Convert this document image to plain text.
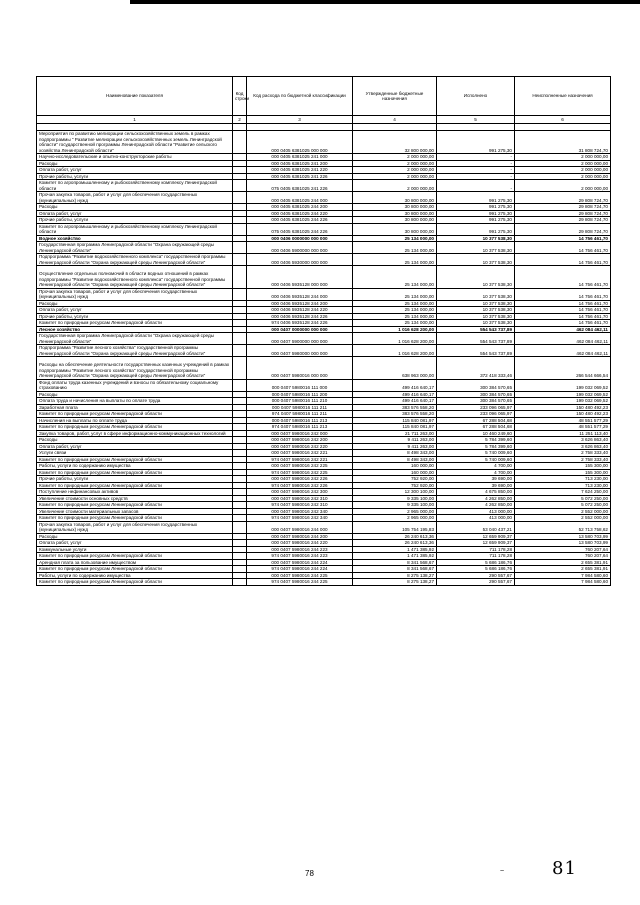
Наименование показателя	Код строки	Код расхода по бюджетной классификации	Утвержденные бюджетные назначения	Исполнено	Неисполненные назначения
1	2	3	4	5	6

Мероприятия по развитию мелиорации сельскохозяйственных земель в рамках подпрограммы " Развитие мелиорации сельскохозяйственных земель Ленинградской области" государственной программы Ленинградской области "Развитие сельского хозяйства Ленинградской области"		000 0405 6381025 000 000	32 800 000,00	991 275,30	31 808 724,70
Научно-исследовательские и опытно-конструкторские работы		000 0405 6381025 241 000	2 000 000,00	-	2 000 000,00
Расходы		000 0405 6381025 241 200	2 000 000,00	-	2 000 000,00
Оплата работ, услуг		000 0405 6381025 241 220	2 000 000,00	-	2 000 000,00
Прочие работы, услуги		000 0405 6381025 241 226	2 000 000,00	-	2 000 000,00
Комитет по агропромышленному и рыбохозяйственному комплексу Ленинградской области		075 0405 6381025 241 226	2 000 000,00	-	2 000 000,00
Прочая закупка товаров, работ и услуг для обеспечения государственных (муниципальных) нужд		000 0405 6381025 244 000	30 800 000,00	991 275,30	29 808 724,70
Расходы		000 0405 6381025 244 200	30 800 000,00	991 275,30	29 808 724,70
Оплата работ, услуг		000 0405 6381025 244 220	30 800 000,00	991 275,30	29 808 724,70
Прочие работы, услуги		000 0405 6381025 244 226	30 800 000,00	991 275,30	29 808 724,70
Комитет по агропромышленному и рыбохозяйственному комплексу Ленинградской области		075 0405 6381025 244 226	30 800 000,00	991 275,30	29 808 724,70
Водное хозяйство		000 0406 0000000 000 000	25 134 000,00	10 377 538,30	14 756 461,70
Государственная программа Ленинградской области "Охрана окружающей среды Ленинградской области"		000 0406 5900000 000 000	25 134 000,00	10 377 538,30	14 756 461,70
Подпрограмма "Развитие водохозяйственного комплекса" государственной программы Ленинградской области "Охрана окружающей среды Ленинградской области"		000 0406 5930000 000 000	25 134 000,00	10 377 538,30	14 756 461,70
Осуществление отдельных полномочий в области водных отношений в рамках подпрограммы "Развитие водохозяйственного комплекса" государственной программы Ленинградской области "Охрана окружающей среды Ленинградской области"		000 0406 5935128 000 000	25 134 000,00	10 377 538,30	14 756 461,70
Прочая закупка товаров, работ и услуг для обеспечения государственных (муниципальных) нужд		000 0406 5935128 244 000	25 134 000,00	10 377 538,30	14 756 461,70
Расходы		000 0406 5935128 244 200	25 134 000,00	10 377 538,30	14 756 461,70
Оплата работ, услуг		000 0406 5935128 244 220	25 134 000,00	10 377 538,30	14 756 461,70
Прочие работы, услуги		000 0406 5935128 244 226	25 134 000,00	10 377 538,30	14 756 461,70
Комитет по природным ресурсам Ленинградской области		974 0406 5935128 244 226	25 134 000,00	10 377 538,30	14 756 461,70
Лесное хозяйство		000 0407 0000000 000 000	1 016 628 200,00	554 543 737,89	462 084 462,11
Государственная программа Ленинградской области "Охрана окружающей среды Ленинградской области"		000 0407 5900000 000 000	1 016 628 200,00	554 543 737,89	462 084 462,11
Подпрограмма "Развитие лесного хозяйства" государственной программы Ленинградской области "Охрана окружающей среды Ленинградской области"		000 0407 5980000 000 000	1 016 628 200,00	554 543 737,89	462 084 462,11
Расходы на обеспечение деятельности государственных казенных учреждений в рамках подпрограммы "Развитие лесного хозяйства" государственной программы Ленинградской области "Охрана окружающей среды Ленинградской области"		000 0407 5980016 000 000	638 963 000,00	372 418 333,46	266 544 666,54
Фонд оплаты труда казенных учреждений и взносы по обязательному социальному страхованию		000 0407 5980016 111 000	499 416 640,17	300 384 570,65	199 032 069,52
Расходы		000 0407 5980016 111 200	499 416 640,17	300 384 570,65	199 032 069,52
Оплата труда и начисления на выплаты по оплате труда		000 0407 5980016 111 210	499 416 640,17	300 384 570,65	199 032 069,52
Заработная плата		000 0407 5980016 111 211	383 576 558,20	233 096 065,97	150 480 492,23
Комитет по природным ресурсам Ленинградской области		974 0407 5980016 111 211	383 576 558,20	233 096 065,97	150 480 492,23
Начисления на выплаты по оплате труда		000 0407 5980016 111 213	115 840 081,97	67 288 504,68	48 551 577,29
Комитет по природным ресурсам Ленинградской области		974 0407 5980016 111 213	115 840 081,97	67 288 504,68	48 551 577,29
Закупка товаров, работ, услуг в сфере информационно-коммуникационных технологий		000 0407 5980016 242 000	21 711 263,00	10 460 249,60	11 251 113,40
Расходы		000 0407 5980016 242 200	9 411 263,00	5 784 399,60	3 626 863,40
Оплата работ, услуг		000 0407 5980016 242 220	9 411 263,00	5 784 399,60	3 626 863,40
Услуги связи		000 0407 5980016 242 221	8 498 343,00	5 740 009,60	2 758 333,40
Комитет по природным ресурсам Ленинградской области		974 0407 5980016 242 221	8 498 343,00	5 740 009,60	2 758 333,40
Работы, услуги по содержанию имущества		000 0407 5980016 242 225	160 000,00	4 700,00	155 300,00
Комитет по природным ресурсам Ленинградской области		974 0407 5980016 242 225	160 000,00	4 700,00	155 300,00
Прочие работы, услуги		000 0407 5980016 242 226	752 920,00	39 690,00	713 230,00
Комитет по природным ресурсам Ленинградской области		974 0407 5980016 242 226	752 920,00	39 690,00	713 230,00
Поступление нефинансовых активов		000 0407 5980016 242 300	12 300 100,00	4 675 850,00	7 624 250,00
Увеличение стоимости основных средств		000 0407 5980016 242 310	9 335 100,00	4 262 850,00	5 072 250,00
Комитет по природным ресурсам Ленинградской области		974 0407 5980016 242 310	9 335 100,00	4 262 850,00	5 072 250,00
Увеличение стоимости материальных запасов		000 0407 5980016 242 340	2 965 000,00	413 000,00	2 552 000,00
Комитет по природным ресурсам Ленинградской области		974 0407 5980016 242 340	2 965 000,00	413 000,00	2 552 000,00
Прочая закупка товаров, работ и услуг для обеспечения государственных (муниципальных) нужд		000 0407 5980016 244 000	105 754 195,83	53 040 437,21	52 713 758,62
Расходы		000 0407 5980016 244 200	26 240 613,36	12 659 909,37	13 580 703,99
Оплата работ, услуг		000 0407 5980016 244 220	26 240 613,36	12 659 909,37	13 580 703,99
Коммунальные услуги		000 0407 5980016 244 223	1 471 385,92	711 178,28	760 207,64
Комитет по природным ресурсам Ленинградской области		974 0407 5980016 244 223	1 471 385,92	711 178,28	760 207,64
Арендная плата за пользование имуществом		000 0407 5980016 244 224	8 341 568,67	5 686 186,76	2 655 381,91
Комитет по природным ресурсам Ленинградской области		974 0407 5980016 244 224	8 341 568,67	5 686 186,76	2 655 381,91
Работы, услуги по содержанию имущества		000 0407 5980016 244 225	8 275 138,27	290 557,67	7 984 580,60
Комитет по природным ресурсам Ленинградской области		974 0407 5980016 244 225	8 275 138,27	290 557,67	7 984 580,60
78	~	81
